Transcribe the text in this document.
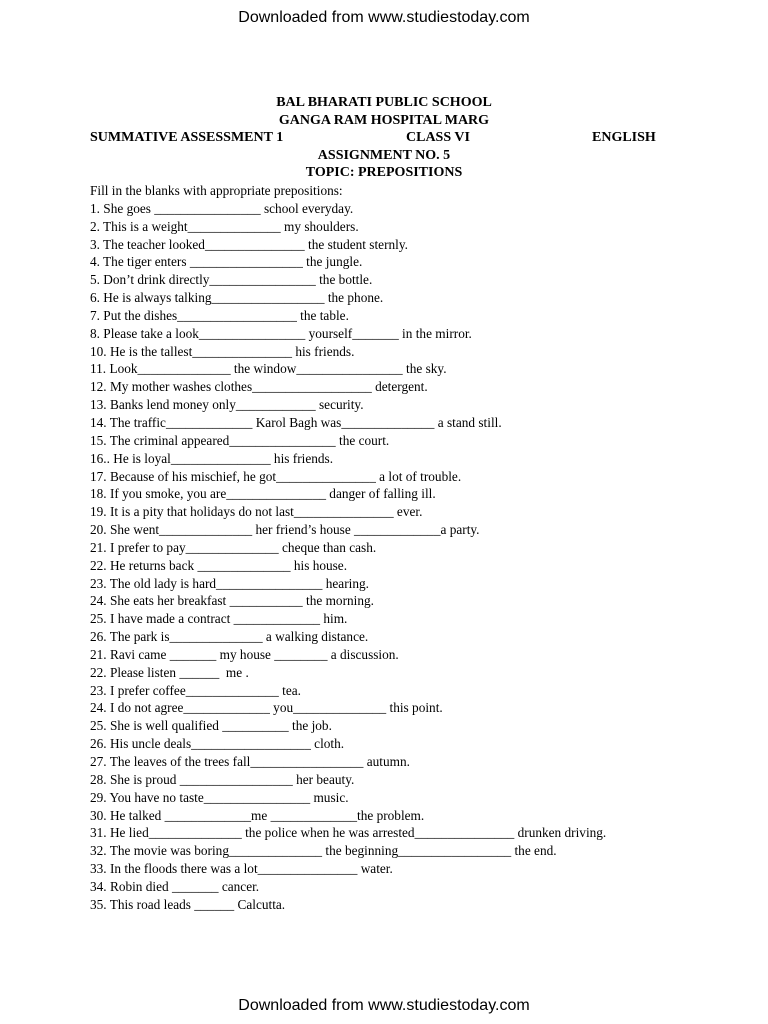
Downloaded from www.studiestoday.com
BAL BHARATI PUBLIC SCHOOL
GANGA RAM HOSPITAL MARG
SUMMATIVE ASSESSMENT 1	CLASS VI	ENGLISH
ASSIGNMENT NO. 5
TOPIC: PREPOSITIONS
Fill in the blanks with appropriate prepositions:
1. She goes ________________ school everyday.
2. This is a weight______________ my shoulders.
3. The teacher looked_______________ the student sternly.
4. The tiger enters _________________ the jungle.
5. Don’t drink directly________________ the bottle.
6. He is always talking_________________ the phone.
7. Put the dishes__________________ the table.
8. Please take a look________________ yourself_______ in the mirror.
10. He is the tallest_______________ his friends.
11. Look______________ the window________________ the sky.
12. My mother washes clothes__________________ detergent.
13. Banks lend money only____________ security.
14. The traffic_____________ Karol Bagh was______________ a stand still.
15. The criminal appeared________________ the court.
16.. He is loyal_______________ his friends.
17. Because of his mischief, he got_______________ a lot of trouble.
18. If you smoke, you are_______________ danger of falling ill.
19. It is a pity that holidays do not last_______________ ever.
20. She went______________ her friend’s house _____________a party.
21. I prefer to pay______________ cheque than cash.
22. He returns back ______________ his house.
23. The old lady is hard________________ hearing.
24. She eats her breakfast ___________ the morning.
25. I have made a contract _____________ him.
26. The park is______________ a walking distance.
21. Ravi came _______ my house ________ a discussion.
22. Please listen ______  me .
23. I prefer coffee______________ tea.
24. I do not agree_____________ you______________ this point.
25. She is well qualified __________ the job.
26. His uncle deals__________________ cloth.
27. The leaves of the trees fall_________________ autumn.
28. She is proud _________________ her beauty.
29. You have no taste________________ music.
30. He talked _____________me _____________the problem.
31. He lied______________ the police when he was arrested_______________ drunken driving.
32. The movie was boring______________ the beginning_________________ the end.
33. In the floods there was a lot_______________ water.
34. Robin died _______ cancer.
35. This road leads ______ Calcutta.
Downloaded from www.studiestoday.com
